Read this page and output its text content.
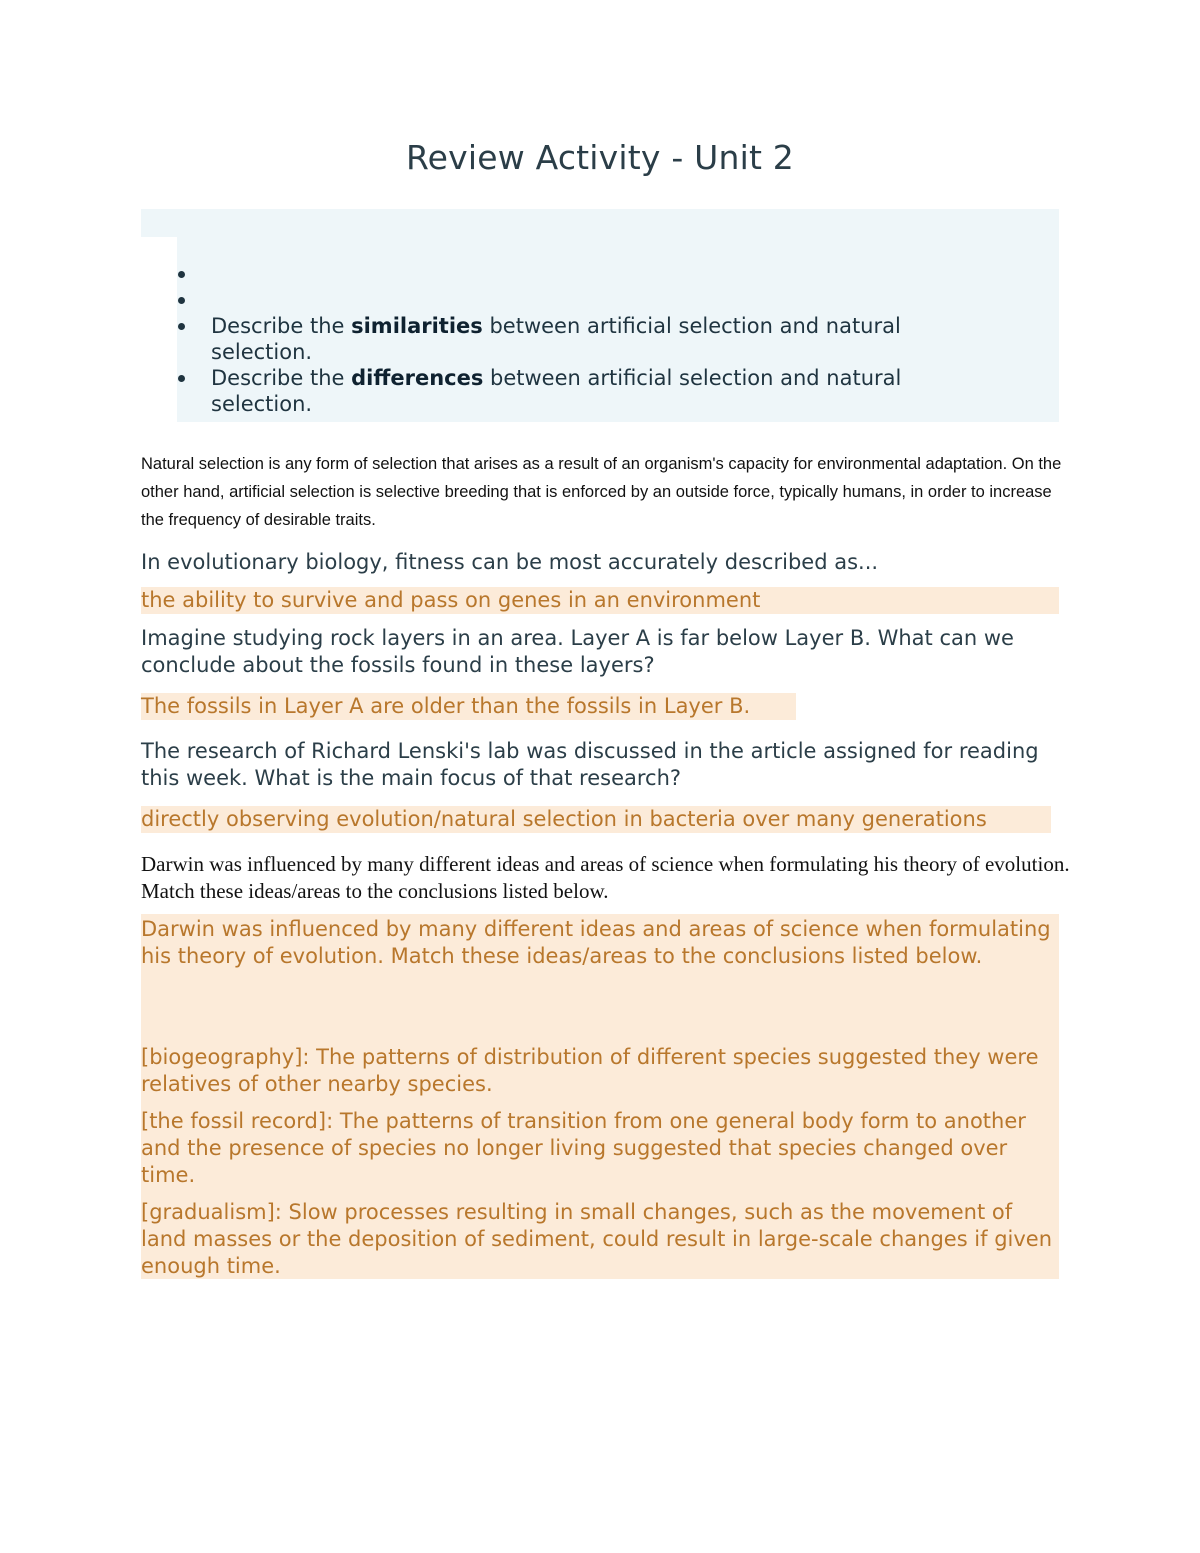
Review Activity - Unit 2
Describe the similarities between artificial selection and natural selection.
Describe the differences between artificial selection and natural selection.
Natural selection is any form of selection that arises as a result of an organism's capacity for environmental adaptation. On the other hand, artificial selection is selective breeding that is enforced by an outside force, typically humans, in order to increase the frequency of desirable traits.
In evolutionary biology, fitness can be most accurately described as...
the ability to survive and pass on genes in an environment
Imagine studying rock layers in an area. Layer A is far below Layer B. What can we conclude about the fossils found in these layers?
The fossils in Layer A are older than the fossils in Layer B.
The research of Richard Lenski's lab was discussed in the article assigned for reading this week. What is the main focus of that research?
directly observing evolution/natural selection in bacteria over many generations
Darwin was influenced by many different ideas and areas of science when formulating his theory of evolution. Match these ideas/areas to the conclusions listed below.

Darwin was influenced by many different ideas and areas of science when formulating his theory of evolution. Match these ideas/areas to the conclusions listed below.

[biogeography]: The patterns of distribution of different species suggested they were relatives of other nearby species.

[the fossil record]: The patterns of transition from one general body form to another and the presence of species no longer living suggested that species changed over time.

[gradualism]: Slow processes resulting in small changes, such as the movement of land masses or the deposition of sediment, could result in large-scale changes if given enough time.
